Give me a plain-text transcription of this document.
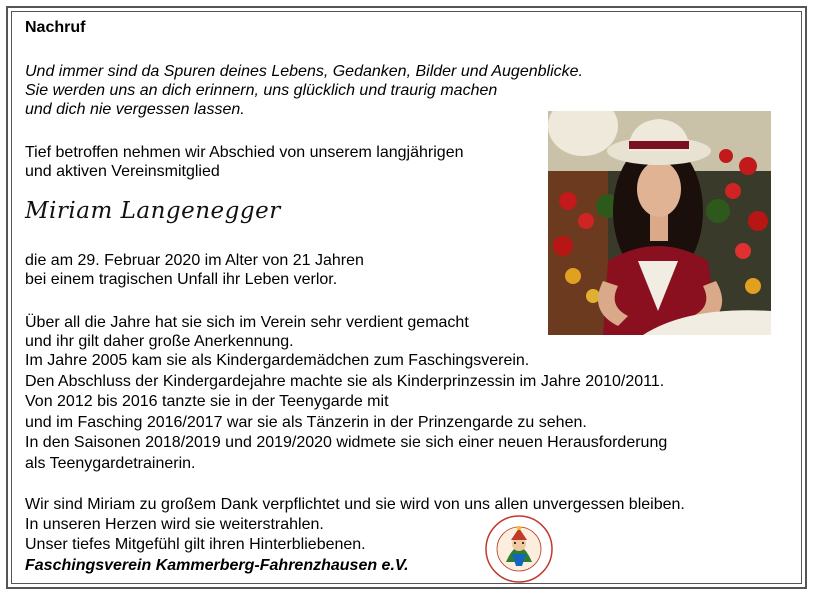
Nachruf
Und immer sind da Spuren deines Lebens, Gedanken, Bilder und Augenblicke.
Sie werden uns an dich erinnern, uns glücklich und traurig machen
und dich nie vergessen lassen.
Tief betroffen nehmen wir Abschied von unserem langjährigen
und aktiven Vereinsmitglied
Miriam Langenegger
die am 29. Februar 2020 im Alter von 21 Jahren
bei einem tragischen Unfall ihr Leben verlor.
Über all die Jahre hat sie sich im Verein sehr verdient gemacht
und ihr gilt daher große Anerkennung.
Im Jahre 2005 kam sie als Kindergardemädchen zum Faschingsverein.
Den Abschluss der Kindergardejahre machte sie als Kinderprinzessin im Jahre 2010/2011.
Von 2012 bis 2016 tanzte sie in der Teenygarde mit
und im Fasching 2016/2017 war sie als Tänzerin in der Prinzengarde zu sehen.
In den Saisonen 2018/2019 und 2019/2020 widmete sie sich einer neuen Herausforderung
als Teenygardetrainerin.
Wir sind Miriam zu großem Dank verpflichtet und sie wird von uns allen unvergessen bleiben.
In unseren Herzen wird sie weiterstrahlen.
Unser tiefes Mitgefühl gilt ihren Hinterbliebenen.
Faschingsverein Kammerberg-Fahrenzhausen e.V.
